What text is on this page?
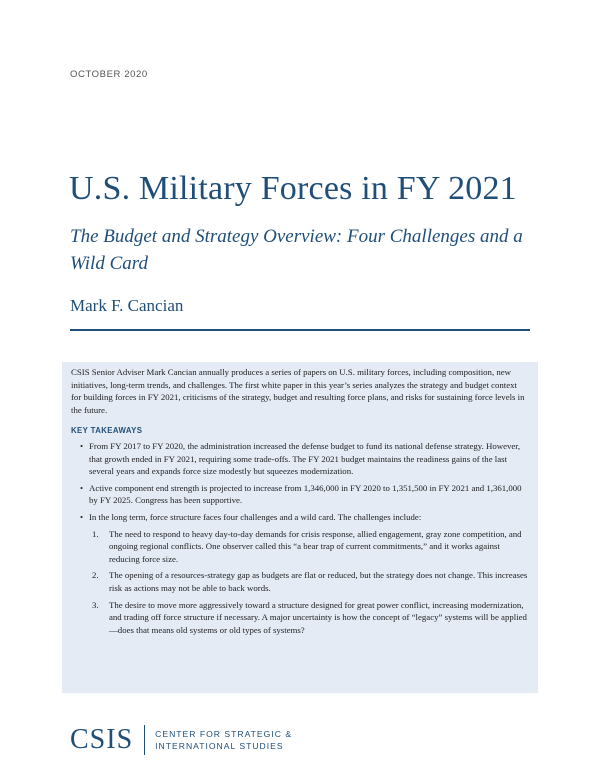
OCTOBER 2020
U.S. Military Forces in FY 2021
The Budget and Strategy Overview: Four Challenges and a Wild Card
Mark F. Cancian

CSIS Senior Adviser Mark Cancian annually produces a series of papers on U.S. military forces, including composition, new initiatives, long-term trends, and challenges. The first white paper in this year’s series analyzes the strategy and budget context for building forces in FY 2021, criticisms of the strategy, budget and resulting force plans, and risks for sustaining force levels in the future.

KEY TAKEAWAYS
• From FY 2017 to FY 2020, the administration increased the defense budget to fund its national defense strategy. However, that growth ended in FY 2021, requiring some trade-offs. The FY 2021 budget maintains the readiness gains of the last several years and expands force size modestly but squeezes modernization.
• Active component end strength is projected to increase from 1,346,000 in FY 2020 to 1,351,500 in FY 2021 and 1,361,000 by FY 2025. Congress has been supportive.
• In the long term, force structure faces four challenges and a wild card. The challenges include:
1. The need to respond to heavy day-to-day demands for crisis response, allied engagement, gray zone competition, and ongoing regional conflicts. One observer called this “a bear trap of current commitments,” and it works against reducing force size.
2. The opening of a resources-strategy gap as budgets are flat or reduced, but the strategy does not change. This increases risk as actions may not be able to back words.
3. The desire to move more aggressively toward a structure designed for great power conflict, increasing modernization, and trading off force structure if necessary. A major uncertainty is how the concept of “legacy” systems will be applied—does that means old systems or old types of systems?
CSIS	CENTER FOR STRATEGIC &
INTERNATIONAL STUDIES
